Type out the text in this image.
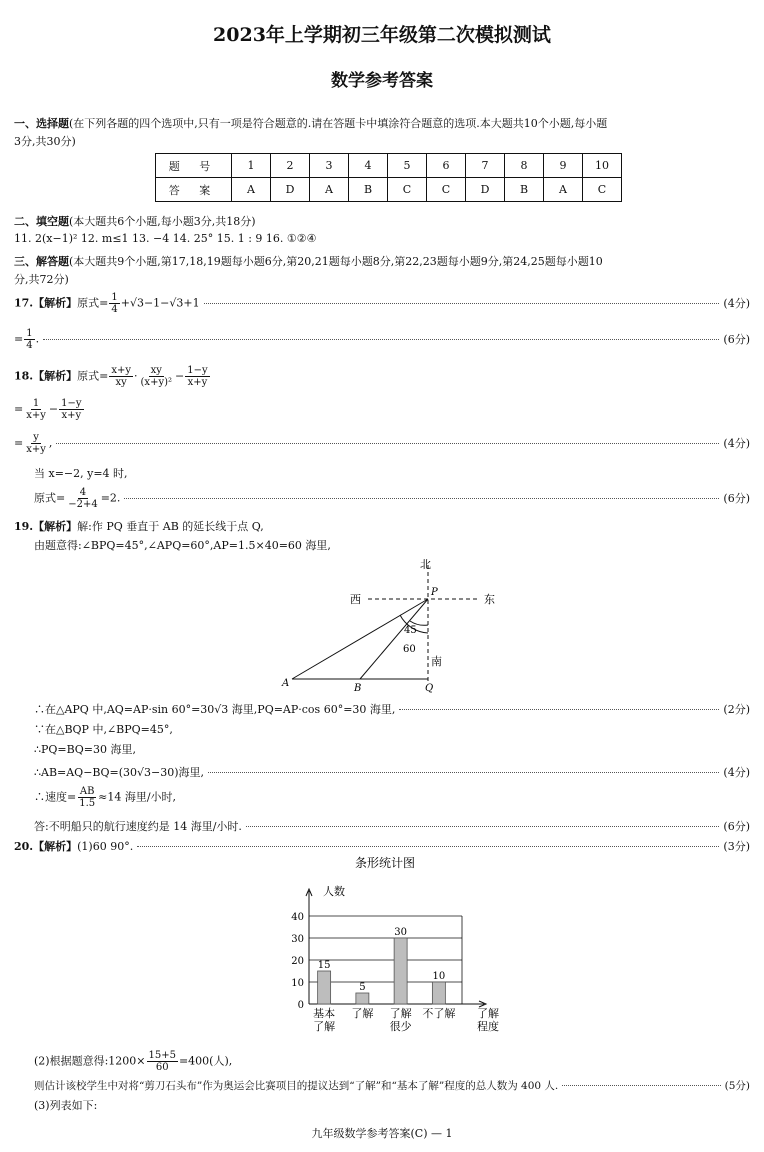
2023年上学期初三年级第二次模拟测试
数学参考答案
一、选择题(在下列各题的四个选项中,只有一项是符合题意的.请在答题卡中填涂符合题意的选项.本大题共10个小题,每小题
3分,共30分)
题 号	1	2	3	4	5	6	7	8	9	10
答 案	A	D	A	B	C	C	D	B	A	C
二、填空题(本大题共6个小题,每小题3分,共18分)
11. 2(x−1)² 12. m≤1 13. −4 14. 25° 15. 1 : 9 16. ①②④
三、解答题(本大题共9个小题,第17,18,19题每小题6分,第20,21题每小题8分,第22,23题每小题9分,第24,25题每小题10
分,共72分)
17.【解析】原式= $\frac{1}{4} +√3-1-√3+1$	(4分)
= $\frac{1}{4}$ .	(6分)
18.【解析】原式= $\frac{x+y}{xy} \cdot \frac{xy}{\text{(x+y)²}} - \frac{1-y}{x+y}$
= $\frac{1}{x+y} - \frac{1-y}{x+y}$
= $\frac{y}{x+y}$ ,	(4分)
当 x=−2, y=4 时,
原式= $\frac{4}{-2+4} =2$.	(6分)
19.【解析】解:作 PQ 垂直于 AB 的延长线于点 Q,
由题意得:∠BPQ=45°,∠APQ=60°,AP=1.5×40=60 海里,
北
西	东
P
45
60
南
A	B	Q
∴在△APQ 中,AQ=AP·sin 60°=30√3 海里,PQ=AP·cos 60°=30 海里,	(2分)
∵在△BQP 中,∠BPQ=45°,
∴PQ=BQ=30 海里,
∴AB=AQ−BQ=(30√3−30)海里,	(4分)
∴速度= $\frac{AB}{1.5} \approx 14$ 海里/小时,
答:不明船只的航行速度约是 14 海里/小时.	(6分)
20.【解析】(1)60 90°.	(3分)
条形统计图
人数
0
10
20
30
40
15
5
30
10
基本了解
了解 了解很少
不了解 了解程度
(2)根据题意得:1200× $\frac{15+5}{60} =400$(人),
则估计该校学生中对将“剪刀石头布”作为奥运会比赛项目的提议达到“了解”和“基本了解”程度的总人数为 400 人.	(5分)
(3)列表如下:
九年级数学参考答案(C) — 1
